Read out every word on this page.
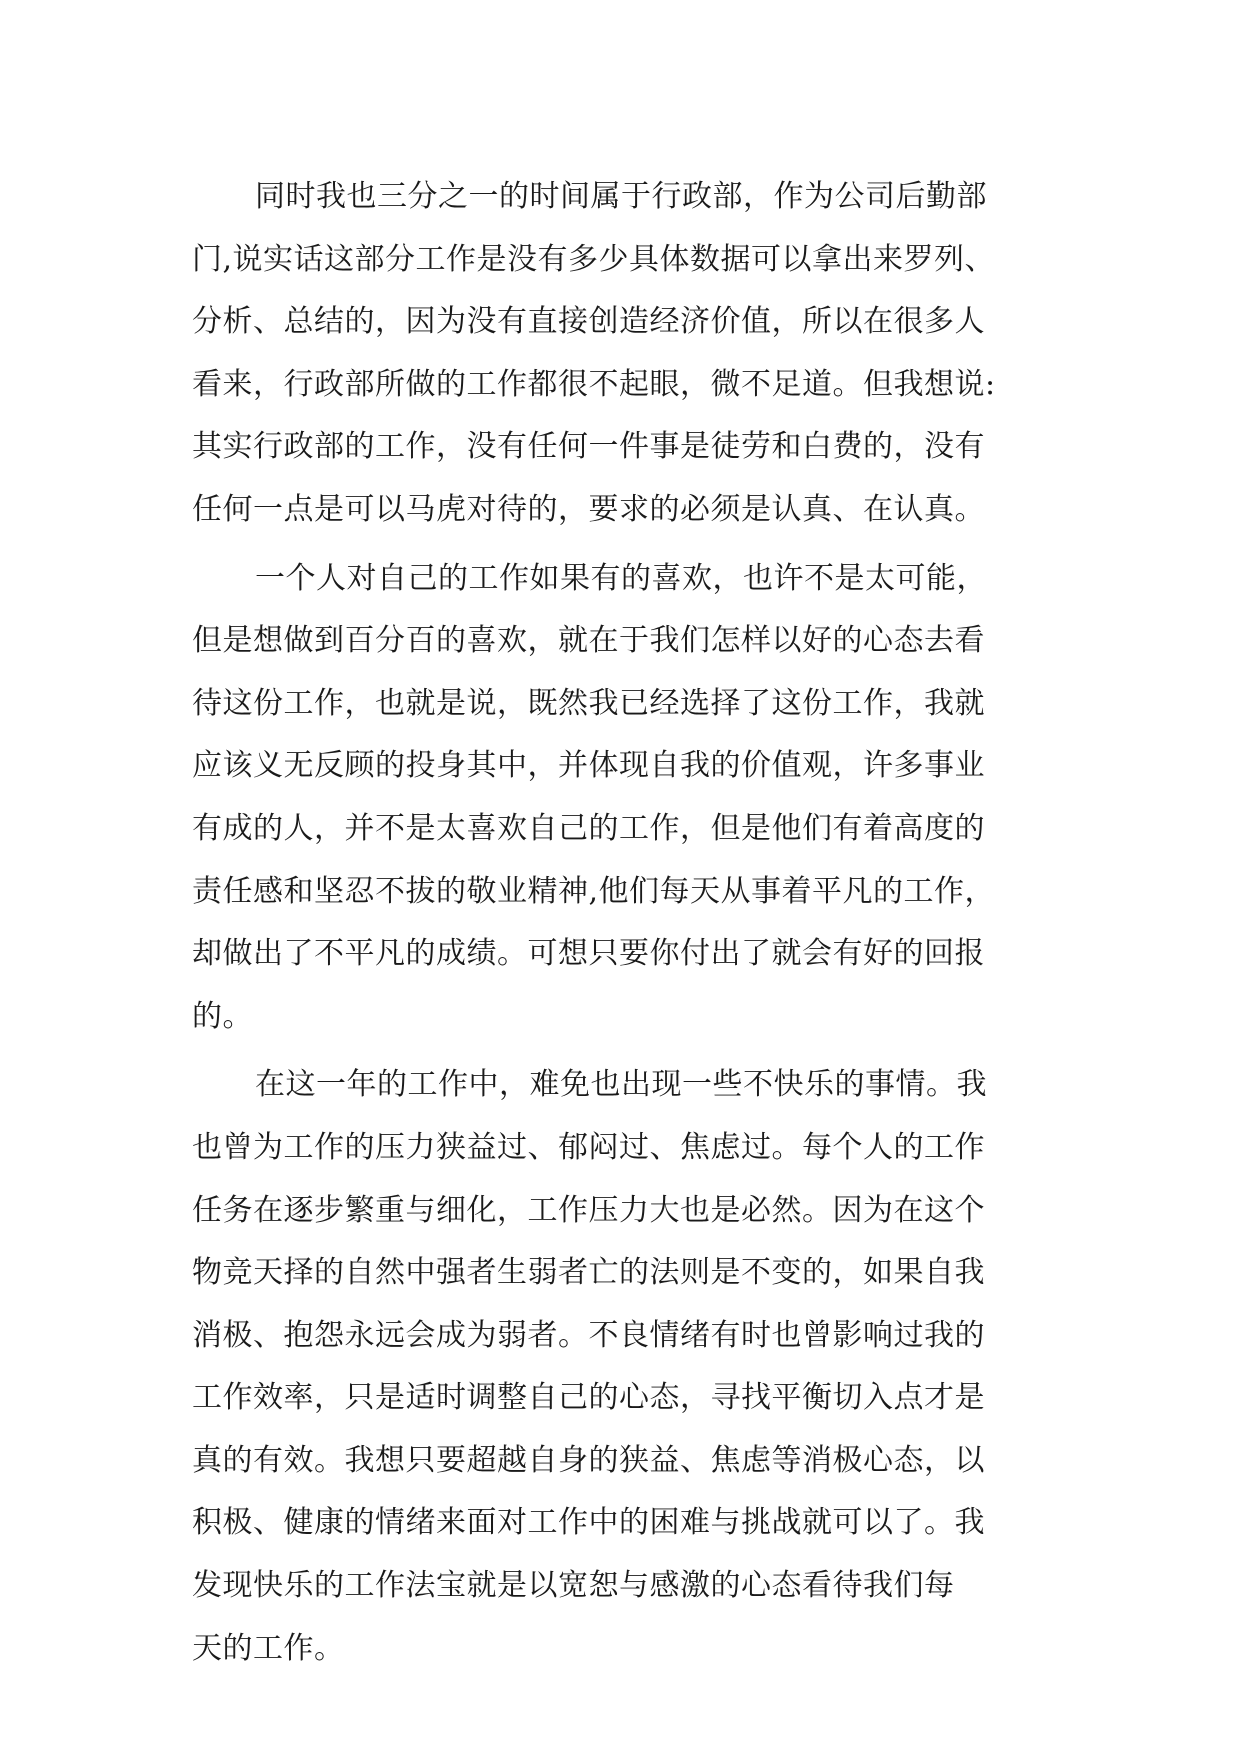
同时我也三分之一的时间属于行政部，作为公司后勤部
门,说实话这部分工作是没有多少具体数据可以拿出来罗列、
分析、总结的，因为没有直接创造经济价值，所以在很多人
看来，行政部所做的工作都很不起眼，微不足道。但我想说:
其实行政部的工作，没有任何一件事是徒劳和白费的，没有
任何一点是可以马虎对待的，要求的必须是认真、在认真。
一个人对自己的工作如果有的喜欢，也许不是太可能，
但是想做到百分百的喜欢，就在于我们怎样以好的心态去看
待这份工作，也就是说，既然我已经选择了这份工作，我就
应该义无反顾的投身其中，并体现自我的价值观，许多事业
有成的人，并不是太喜欢自己的工作，但是他们有着高度的
责任感和坚忍不拔的敬业精神,他们每天从事着平凡的工作，
却做出了不平凡的成绩。可想只要你付出了就会有好的回报
的。
在这一年的工作中，难免也出现一些不快乐的事情。我
也曾为工作的压力狭益过、郁闷过、焦虑过。每个人的工作
任务在逐步繁重与细化，工作压力大也是必然。因为在这个
物竞天择的自然中强者生弱者亡的法则是不变的，如果自我
消极、抱怨永远会成为弱者。不良情绪有时也曾影响过我的
工作效率，只是适时调整自己的心态，寻找平衡切入点才是
真的有效。我想只要超越自身的狭益、焦虑等消极心态，以
积极、健康的情绪来面对工作中的困难与挑战就可以了。我
发现快乐的工作法宝就是以宽恕与感激的心态看待我们每
天的工作。
